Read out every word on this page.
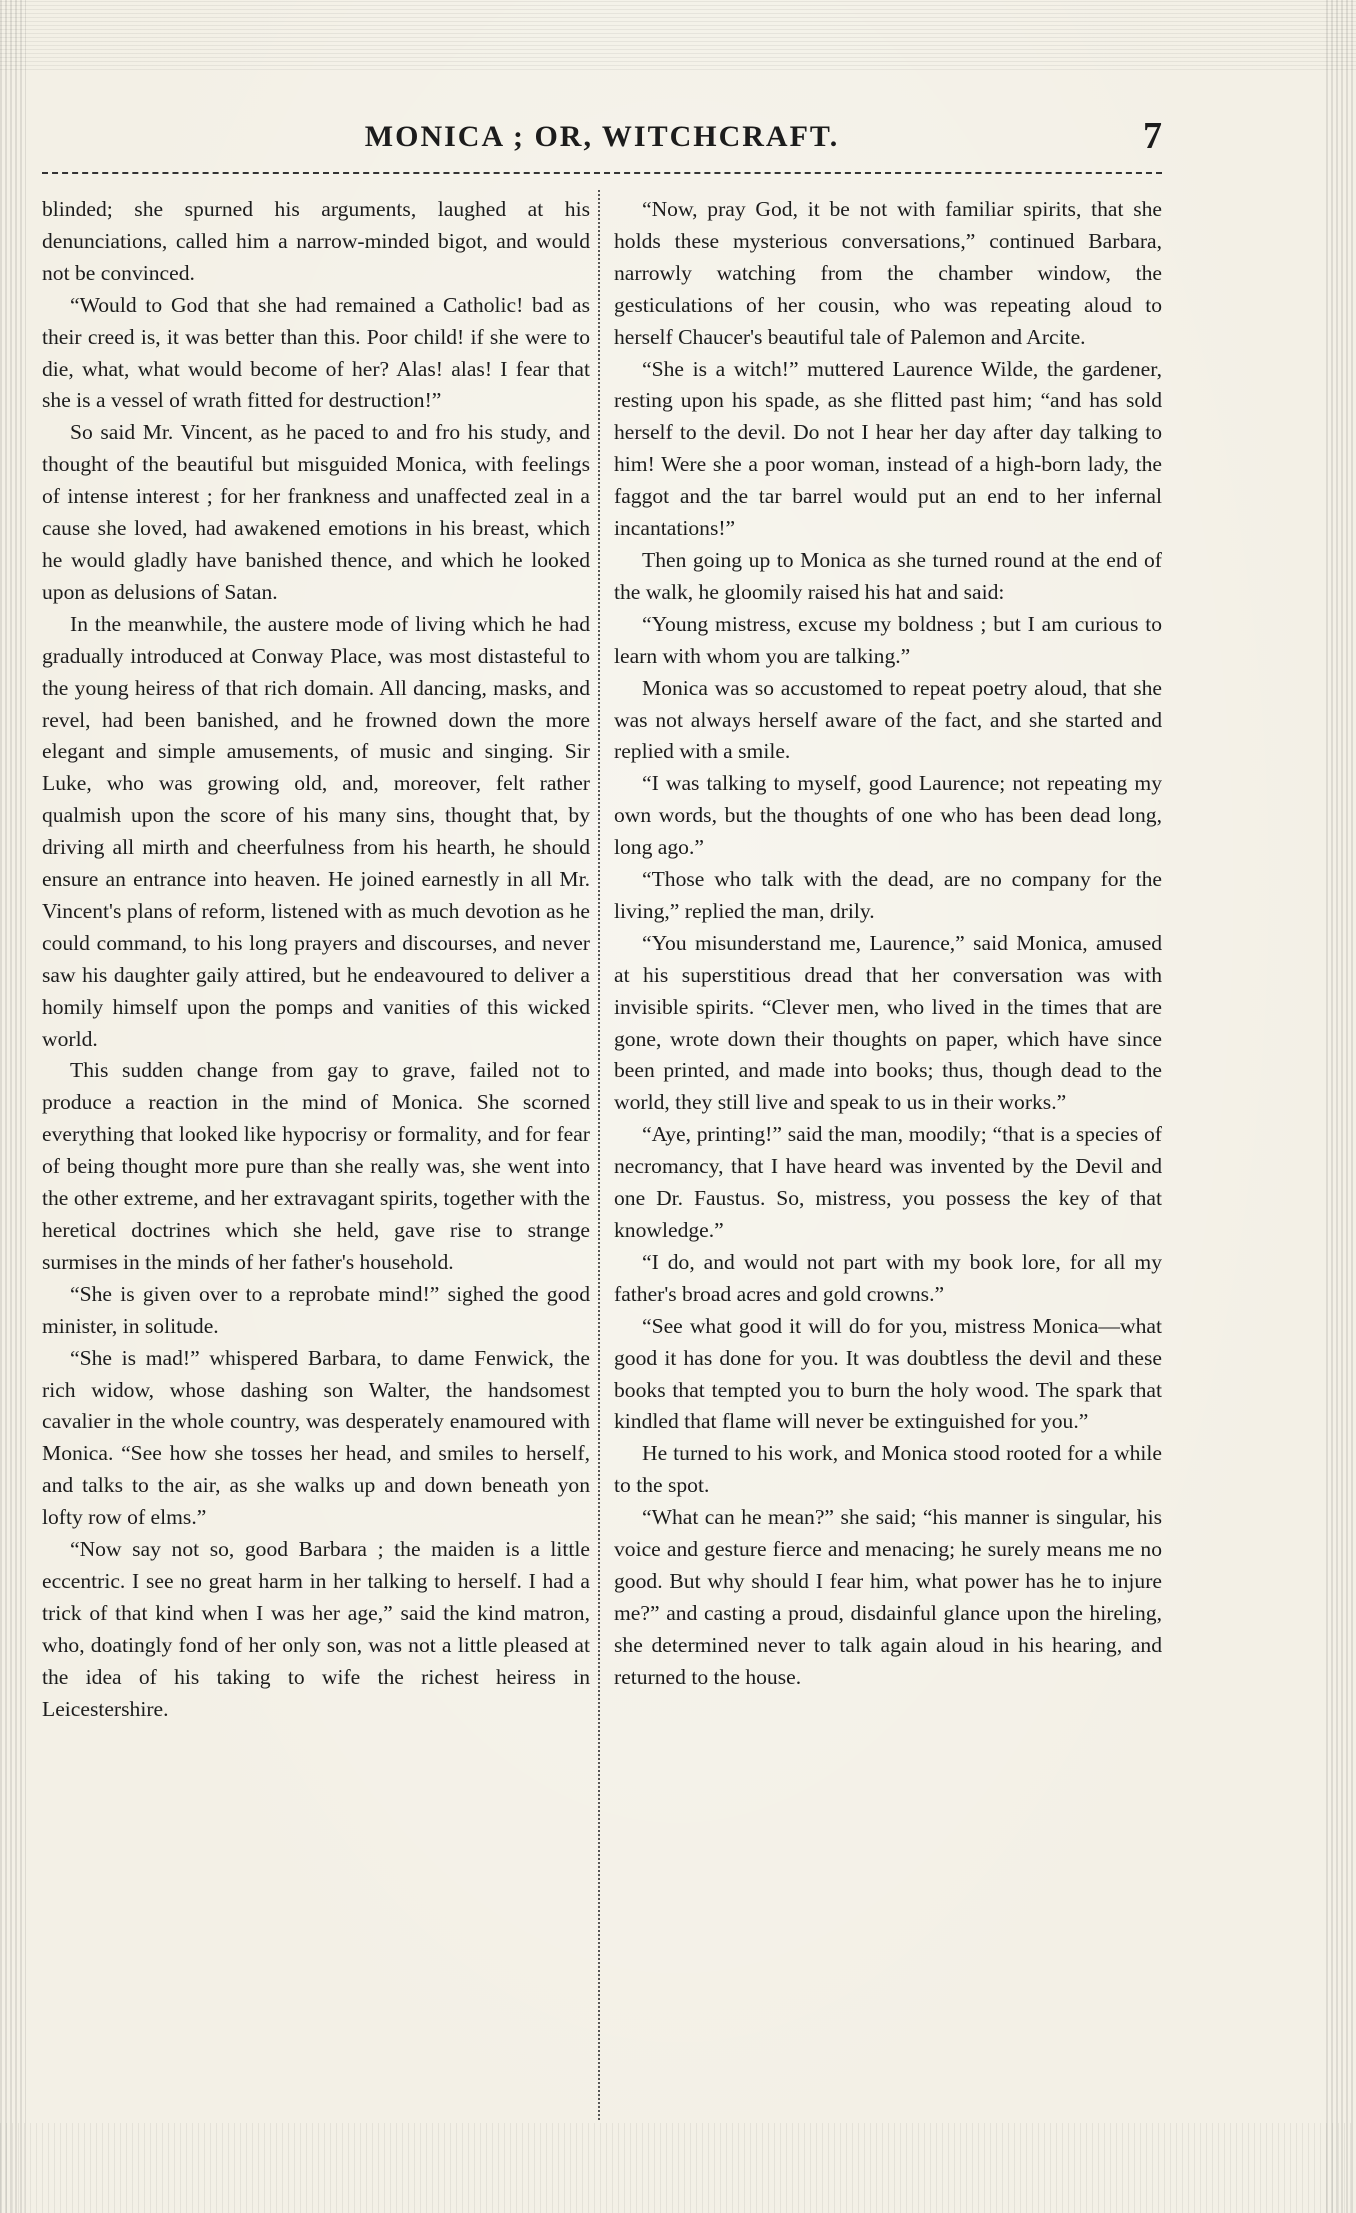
MONICA ; OR, WITCHCRAFT.	7

blinded; she spurned his arguments, laughed at his denunciations, called him a narrow-minded bigot, and would not be convinced.

“Would to God that she had remained a Catholic! bad as their creed is, it was better than this. Poor child! if she were to die, what, what would become of her? Alas! alas! I fear that she is a vessel of wrath fitted for destruction!”

So said Mr. Vincent, as he paced to and fro his study, and thought of the beautiful but misguided Monica, with feelings of intense interest ; for her frankness and unaffected zeal in a cause she loved, had awakened emotions in his breast, which he would gladly have banished thence, and which he looked upon as delusions of Satan.

In the meanwhile, the austere mode of living which he had gradually introduced at Conway Place, was most distasteful to the young heiress of that rich domain. All dancing, masks, and revel, had been banished, and he frowned down the more elegant and simple amusements, of music and singing. Sir Luke, who was growing old, and, moreover, felt rather qualmish upon the score of his many sins, thought that, by driving all mirth and cheerfulness from his hearth, he should ensure an entrance into heaven. He joined earnestly in all Mr. Vincent's plans of reform, listened with as much devotion as he could command, to his long prayers and discourses, and never saw his daughter gaily attired, but he endeavoured to deliver a homily himself upon the pomps and vanities of this wicked world.

This sudden change from gay to grave, failed not to produce a reaction in the mind of Monica. She scorned everything that looked like hypocrisy or formality, and for fear of being thought more pure than she really was, she went into the other extreme, and her extravagant spirits, together with the heretical doctrines which she held, gave rise to strange surmises in the minds of her father's household.

“She is given over to a reprobate mind!” sighed the good minister, in solitude.

“She is mad!” whispered Barbara, to dame Fenwick, the rich widow, whose dashing son Walter, the handsomest cavalier in the whole country, was desperately enamoured with Monica. “See how she tosses her head, and smiles to herself, and talks to the air, as she walks up and down beneath yon lofty row of elms.”

“Now say not so, good Barbara ; the maiden is a little eccentric. I see no great harm in her talking to herself. I had a trick of that kind when I was her age,” said the kind matron, who, doatingly fond of her only son, was not a little pleased at the idea of his taking to wife the richest heiress in Leicestershire.

“Now, pray God, it be not with familiar spirits, that she holds these mysterious conversations,” continued Barbara, narrowly watching from the chamber window, the gesticulations of her cousin, who was repeating aloud to herself Chaucer's beautiful tale of Palemon and Arcite.

“She is a witch!” muttered Laurence Wilde, the gardener, resting upon his spade, as she flitted past him; “and has sold herself to the devil. Do not I hear her day after day talking to him! Were she a poor woman, instead of a high-born lady, the faggot and the tar barrel would put an end to her infernal incantations!”

Then going up to Monica as she turned round at the end of the walk, he gloomily raised his hat and said:

“Young mistress, excuse my boldness ; but I am curious to learn with whom you are talking.”

Monica was so accustomed to repeat poetry aloud, that she was not always herself aware of the fact, and she started and replied with a smile.

“I was talking to myself, good Laurence; not repeating my own words, but the thoughts of one who has been dead long, long ago.”

“Those who talk with the dead, are no company for the living,” replied the man, drily.

“You misunderstand me, Laurence,” said Monica, amused at his superstitious dread that her conversation was with invisible spirits. “Clever men, who lived in the times that are gone, wrote down their thoughts on paper, which have since been printed, and made into books; thus, though dead to the world, they still live and speak to us in their works.”

“Aye, printing!” said the man, moodily; “that is a species of necromancy, that I have heard was invented by the Devil and one Dr. Faustus. So, mistress, you possess the key of that knowledge.”

“I do, and would not part with my book lore, for all my father's broad acres and gold crowns.”

“See what good it will do for you, mistress Monica—what good it has done for you. It was doubtless the devil and these books that tempted you to burn the holy wood. The spark that kindled that flame will never be extinguished for you.”

He turned to his work, and Monica stood rooted for a while to the spot.

“What can he mean?” she said; “his manner is singular, his voice and gesture fierce and menacing; he surely means me no good. But why should I fear him, what power has he to injure me?” and casting a proud, disdainful glance upon the hireling, she determined never to talk again aloud in his hearing, and returned to the house.
